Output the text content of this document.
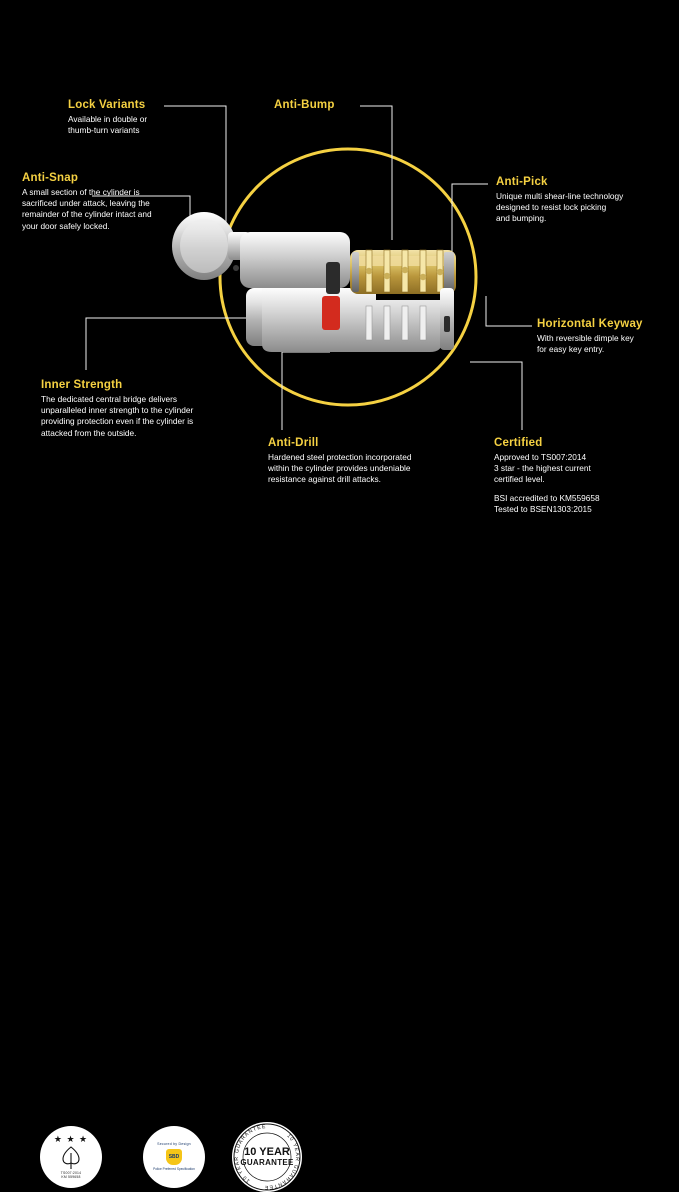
Lock Variants
Available in double or
thumb-turn variants
Anti-Bump
Anti-Snap
A small section of the cylinder is
sacrificed under attack, leaving the
remainder of the cylinder intact and
your door safely locked.
Anti-Pick
Unique multi shear-line technology
designed to resist lock picking
and bumping.
Horizontal Keyway
With reversible dimple key
for easy key entry.
Inner Strength
The dedicated central bridge delivers
unparalleled inner strength to the cylinder
providing protection even if the cylinder is
attacked from the outside.
Anti-Drill
Hardened steel protection incorporated
within the cylinder provides undeniable
resistance against drill attacks.
Certified
Approved to TS007:2014
3 star - the highest current
certified level.
BSI accredited to KM559658
Tested to BSEN1303:2015
★ ★ ★
TS007:2014
KM 559658
Secured by Design
SBD
Police Preferred Specification
10 YEAR GUARANTEE
10 YEAR GUARANTEE
10 YEAR
GUARANTEE
